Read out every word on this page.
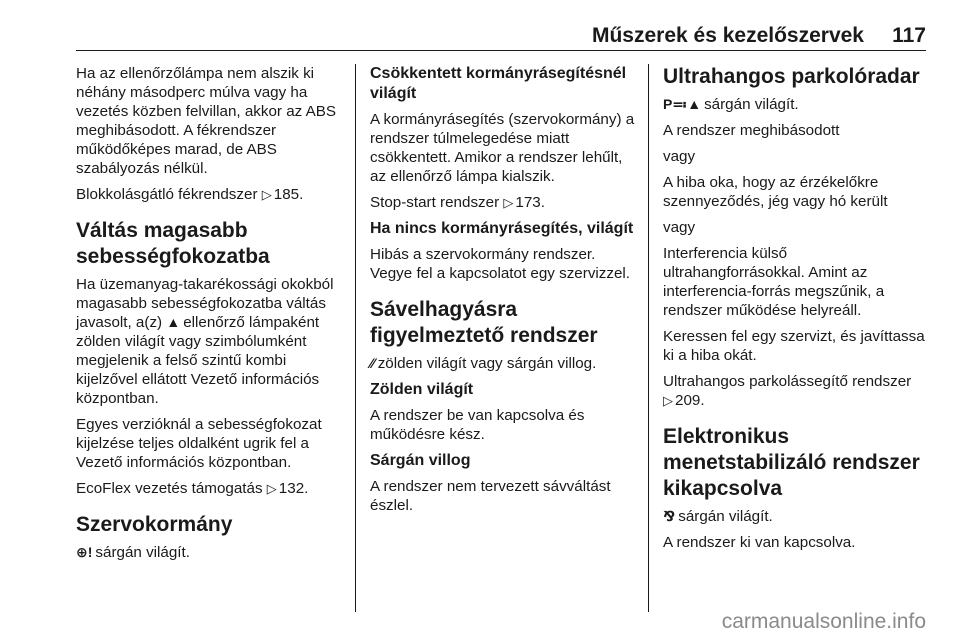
Műszerek és kezelőszervek 117

Ha az ellenőrzőlámpa nem alszik ki néhány másodperc múlva vagy ha vezetés közben felvillan, akkor az ABS meghibásodott. A fékrendszer működőképes marad, de ABS szabályozás nélkül.

Blokkolásgátló fékrendszer ▷ 185.

Váltás magasabb sebességfokozatba

Ha üzemanyag-takarékossági okokból magasabb sebességfokozatba váltás javasolt, a(z) ▲ ellenőrző lámpaként zölden világít vagy szimbólumként megjelenik a felső szintű kombi kijelzővel ellátott Vezető információs központban.

Egyes verzióknál a sebességfokozat kijelzése teljes oldalként ugrik fel a Vezető információs központban.

EcoFlex vezetés támogatás ▷ 132.

Szervokormány

⊕! sárgán világít.

Csökkentett kormányrásegítésnél világít

A kormányrásegítés (szervokormány) a rendszer túlmelegedése miatt csökkentett. Amikor a rendszer lehűlt, az ellenőrző lámpa kialszik.

Stop-start rendszer ▷ 173.

Ha nincs kormányrásegítés, világít

Hibás a szervokormány rendszer. Vegye fel a kapcsolatot egy szervizzel.

Sávelhagyásra figyelmeztető rendszer

⁄⁄ zölden világít vagy sárgán villog.

Zölden világít

A rendszer be van kapcsolva és működésre kész.

Sárgán villog

A rendszer nem tervezett sávváltást észlel.

Ultrahangos parkolóradar

P≕▲ sárgán világít.

A rendszer meghibásodott

vagy

A hiba oka, hogy az érzékelőkre szennyeződés, jég vagy hó került

vagy

Interferencia külső ultrahangforrásokkal. Amint az interferencia-forrás megszűnik, a rendszer működése helyreáll.

Keressen fel egy szervizt, és javíttassa ki a hiba okát.

Ultrahangos parkolássegítő rendszer ▷ 209.

Elektronikus menetstabilizáló rendszer kikapcsolva

⅋ sárgán világít.

A rendszer ki van kapcsolva.

carmanualsonline.info
